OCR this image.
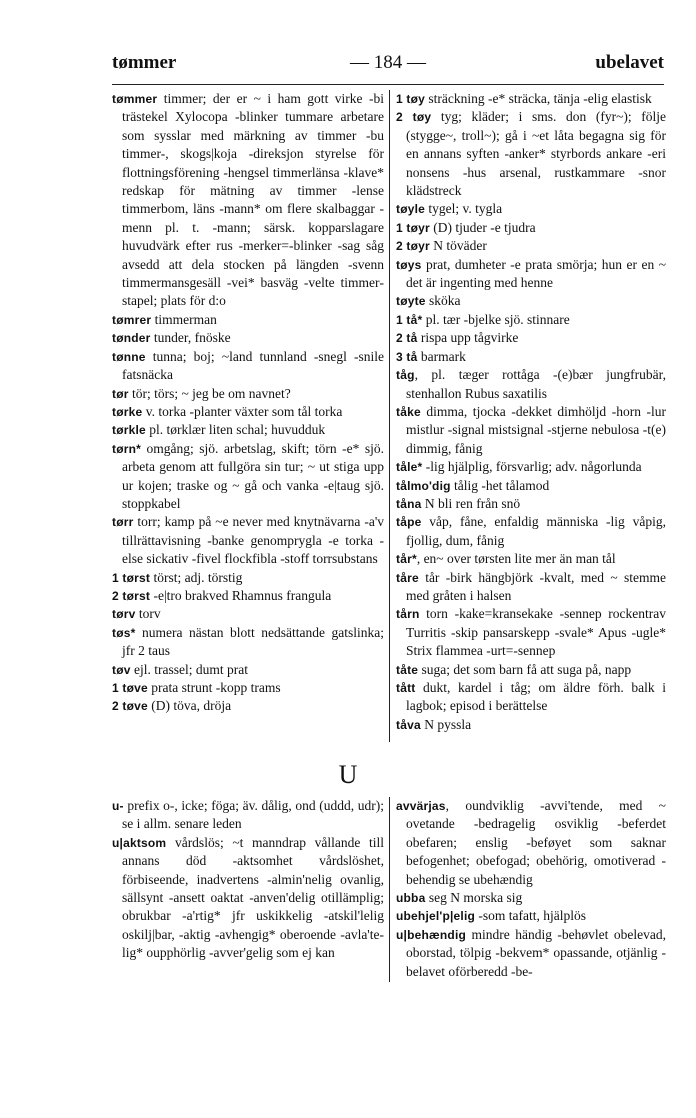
— 184 —
tømmer	ubelavet

tømmer timmer; der er ~ i ham gott virke -bi trästekel Xylocopa -blinker tummare arbetare som sysslar med märkning av timmer -bu timmer-, skogs|koja -direksjon styrelse för flottningsförening -hengsel timmerlänsa -klave* redskap för mätning av timmer -lense timmerbom, läns -mann* om flere skalbaggar -menn pl. t. -mann; särsk. kopparslagare huvudvärk efter rus -merker=-blinker -sag såg avsedd att dela stocken på längden -svenn timmermansgesäll -vei* basväg -velte timmerstapel; plats för d:o

tømrer timmerman

tønder tunder, fnöske

tønne tunna; boj; ~land tunnland -snegl -snile fatsnäcka

tør tör; törs; ~ jeg be om navnet?

tørke v. torka -planter växter som tål torka

tørkle pl. tørklær liten schal; huvudduk

tørn* omgång; sjö. arbetslag, skift; törn -e* sjö. arbeta genom att fullgöra sin tur; ~ ut stiga upp ur kojen; traske og ~ gå och vanka -e|taug sjö. stoppkabel

tørr torr; kamp på ~e never med knytnävarna -a'v tillrättavisning -banke genomprygla -e torka -else sickativ -fivel flockfibla -stoff torrsubstans

1 tørst törst; adj. törstig

2 tørst -e|tro brakved Rhamnus frangula

tørv torv

tøs* numera nästan blott nedsättande gatslinka; jfr 2 taus

tøv ejl. trassel; dumt prat

1 tøve prata strunt -kopp trams

2 tøve (D) töva, dröja

1 tøy sträckning -e* sträcka, tänja -elig elastisk

2 tøy tyg; kläder; i sms. don (fyr~); följe (stygge~, troll~); gå i ~et låta begagna sig för en annans syften -anker* styrbords ankare -eri nonsens -hus arsenal, rustkammare -snor klädstreck

tøyle tygel; v. tygla

1 tøyr (D) tjuder -e tjudra

2 tøyr N töväder

tøys prat, dumheter -e prata smörja; hun er en ~ det är ingenting med henne

tøyte sköka

1 tå* pl. tær -bjelke sjö. stinnare

2 tå rispa upp tågvirke

3 tå barmark

tåg, pl. tæger rottåga -(e)bær jungfrubär, stenhallon Rubus saxatilis

tåke dimma, tjocka -dekket dimhöljd -horn -lur mistlur -signal mistsignal -stjerne nebulosa -t(e) dimmig, fånig

tåle* -lig hjälplig, försvarlig; adv. någorlunda

tålmo'dig tålig -het tålamod

tåna N bli ren från snö

tåpe våp, fåne, enfaldig människa -lig våpig, fjollig, dum, fånig

tår*, en~ over tørsten lite mer än man tål

tåre tår -birk hängbjörk -kvalt, med ~ stemme med gråten i halsen

tårn torn -kake=kransekake -sennep rockentrav Turritis -skip pansarskepp -svale* Apus -ugle* Strix flammea -urt=-sennep

tåte suga; det som barn få att suga på, napp

tått dukt, kardel i tåg; om äldre förh. balk i lagbok; episod i berättelse

tåva N pyssla

U

u- prefix o-, icke; föga; äv. dålig, ond (uddd, udr); se i allm. senare leden

u|aktsom vårdslös; ~t manndrap vållande till annans död -aktsomhet vårdslöshet, förbiseende, inadvertens -almin'nelig ovanlig, sällsynt -ansett oaktat -anven'delig otillämplig; obrukbar -a'rtig* jfr uskikkelig -atskil'lelig oskilj|bar, -aktig -avhengig* oberoende -avla'telig* oupphörlig -avver'gelig som ej kan

avvärjas, oundviklig -avvi'tende, med ~ ovetande -bedragelig osviklig -beferdet obefaren; enslig -beføyet som saknar befogenhet; obefogad; obehörig, omotiverad -behendig se ubehændig

ubba seg N morska sig

ubehjel'p|elig -som tafatt, hjälplös

u|behændig mindre händig -behøvlet obelevad, oborstad, tölpig -bekvem* opassande, otjänlig -belavet oförberedd -be-
